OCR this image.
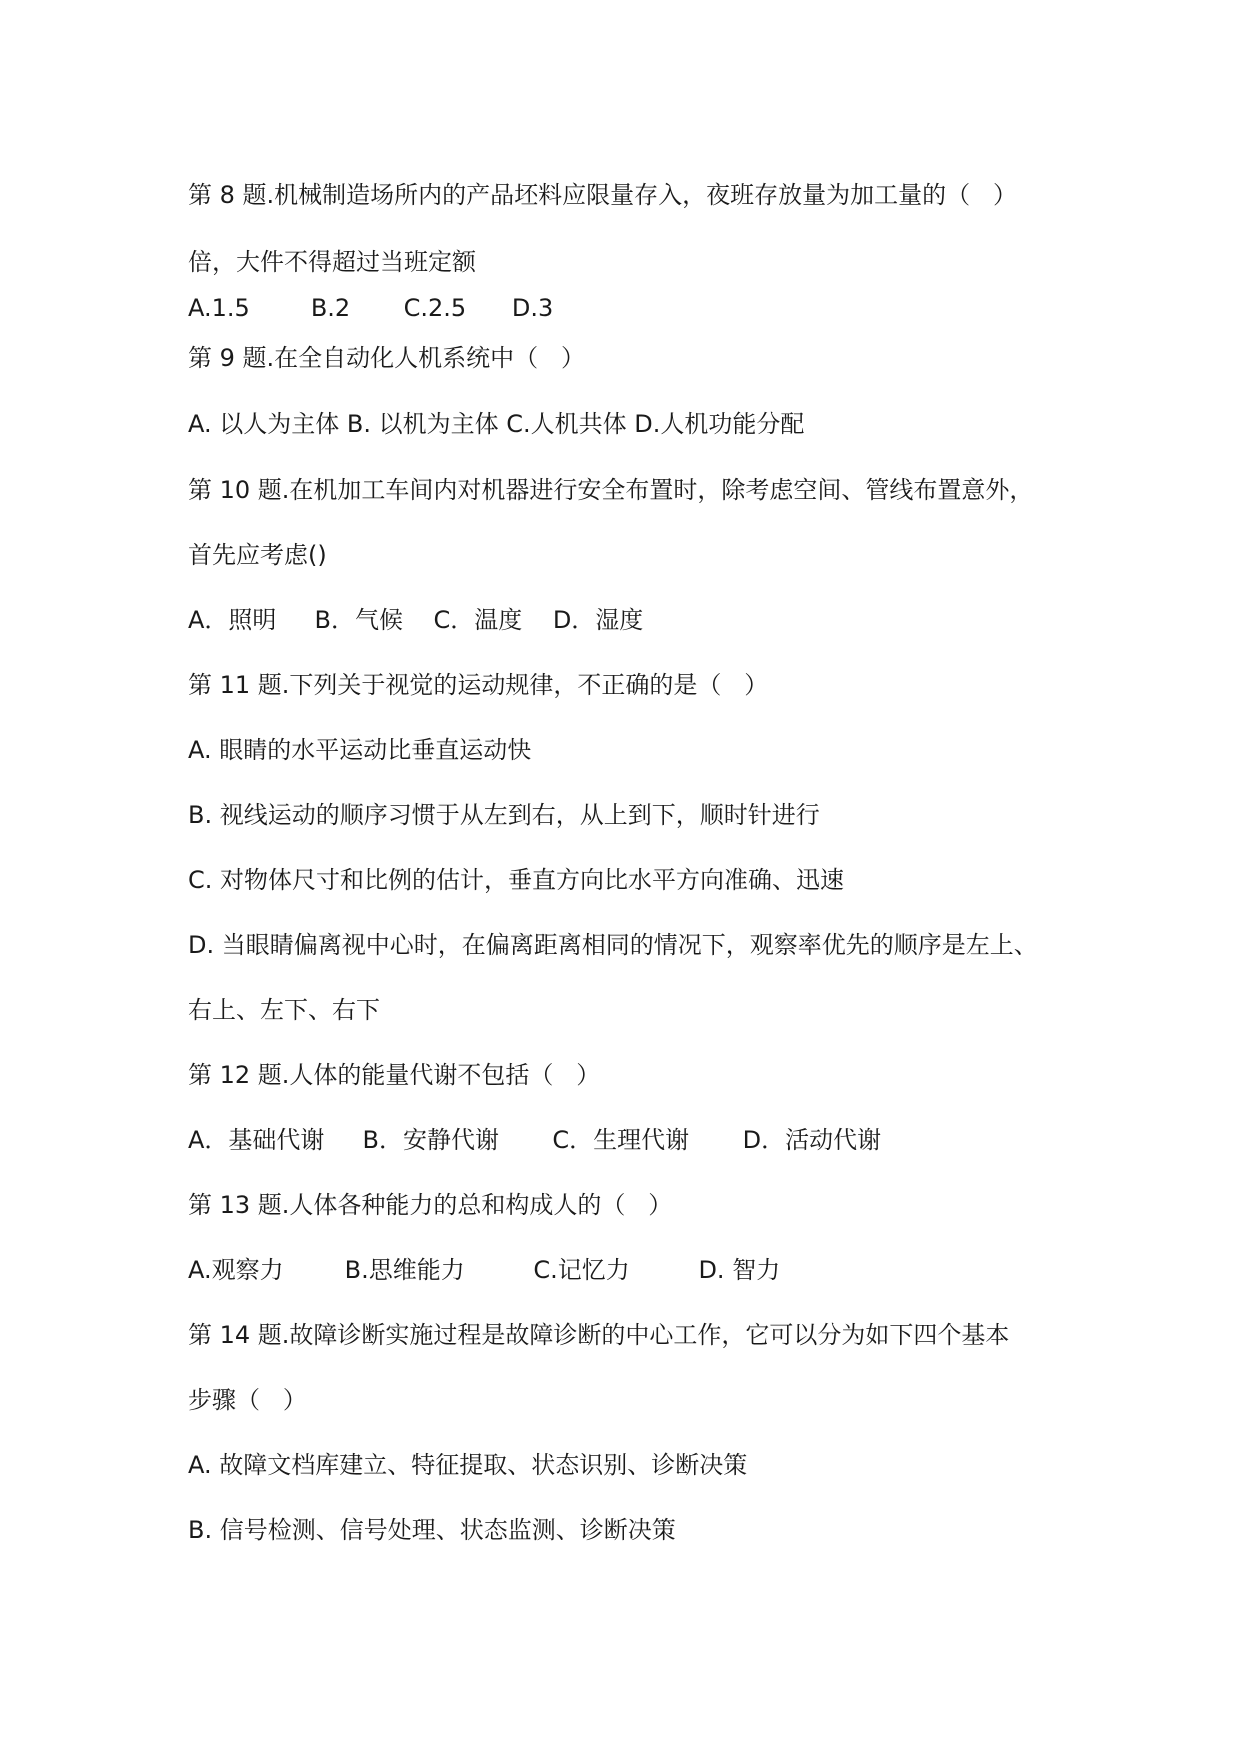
第 8 题.机械制造场所内的产品坯料应限量存入，夜班存放量为加工量的（   ）
倍，大件不得超过当班定额
A.1.5        B.2       C.2.5      D.3
第 9 题.在全自动化人机系统中（   ）
A. 以人为主体 B. 以机为主体 C.人机共体 D.人机功能分配
第 10 题.在机加工车间内对机器进行安全布置时，除考虑空间、管线布置意外，
首先应考虑()
A．照明     B．气候    C．温度    D．湿度
第 11 题.下列关于视觉的运动规律，不正确的是（   ）
A. 眼睛的水平运动比垂直运动快
B. 视线运动的顺序习惯于从左到右，从上到下，顺时针进行
C. 对物体尺寸和比例的估计，垂直方向比水平方向准确、迅速
D. 当眼睛偏离视中心时，在偏离距离相同的情况下，观察率优先的顺序是左上、
右上、左下、右下
第 12 题.人体的能量代谢不包括（   ）
A．基础代谢     B．安静代谢       C．生理代谢       D．活动代谢
第 13 题.人体各种能力的总和构成人的（   ）
A.观察力        B.思维能力         C.记忆力         D. 智力
第 14 题.故障诊断实施过程是故障诊断的中心工作，它可以分为如下四个基本
步骤（   ）
A. 故障文档库建立、特征提取、状态识别、诊断决策
B. 信号检测、信号处理、状态监测、诊断决策
